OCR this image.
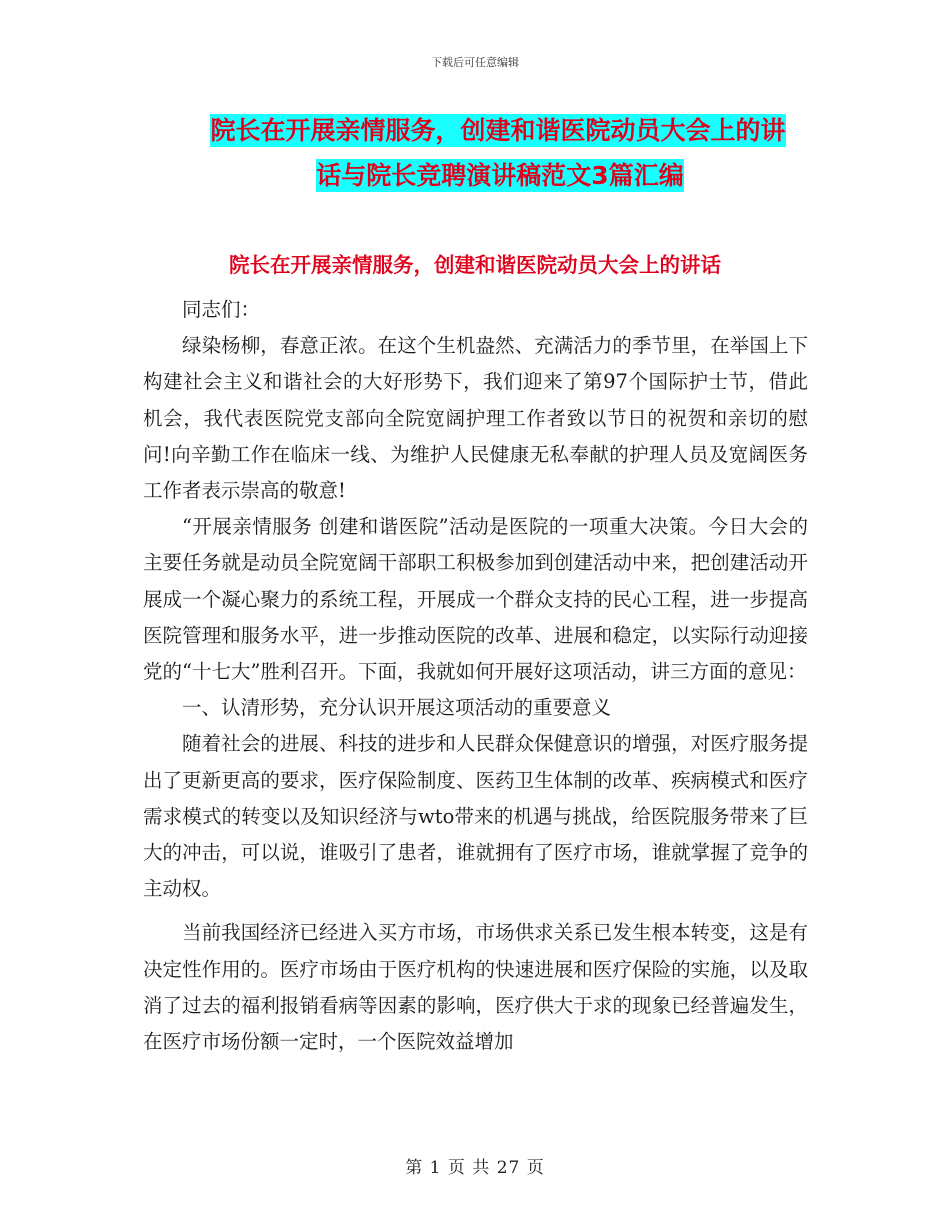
下载后可任意编辑
院长在开展亲情服务，创建和谐医院动员大会上的讲
话与院长竞聘演讲稿范文3篇汇编
院长在开展亲情服务，创建和谐医院动员大会上的讲话

同志们：

绿染杨柳，春意正浓。在这个生机盎然、充满活力的季节里，在举国上下构建社会主义和谐社会的大好形势下，我们迎来了第97个国际护士节，借此机会，我代表医院党支部向全院宽阔护理工作者致以节日的祝贺和亲切的慰问!向辛勤工作在临床一线、为维护人民健康无私奉献的护理人员及宽阔医务工作者表示崇高的敬意!

“开展亲情服务 创建和谐医院”活动是医院的一项重大决策。今日大会的主要任务就是动员全院宽阔干部职工积极参加到创建活动中来，把创建活动开展成一个凝心聚力的系统工程，开展成一个群众支持的民心工程，进一步提高医院管理和服务水平，进一步推动医院的改革、进展和稳定，以实际行动迎接党的“十七大”胜利召开。下面，我就如何开展好这项活动，讲三方面的意见：

一、认清形势，充分认识开展这项活动的重要意义

随着社会的进展、科技的进步和人民群众保健意识的增强，对医疗服务提出了更新更高的要求，医疗保险制度、医药卫生体制的改革、疾病模式和医疗需求模式的转变以及知识经济与wto带来的机遇与挑战，给医院服务带来了巨大的冲击，可以说，谁吸引了患者，谁就拥有了医疗市场，谁就掌握了竞争的主动权。

当前我国经济已经进入买方市场，市场供求关系已发生根本转变，这是有决定性作用的。医疗市场由于医疗机构的快速进展和医疗保险的实施，以及取消了过去的福利报销看病等因素的影响，医疗供大于求的现象已经普遍发生，在医疗市场份额一定时，一个医院效益增加

第 1 页 共 27 页
